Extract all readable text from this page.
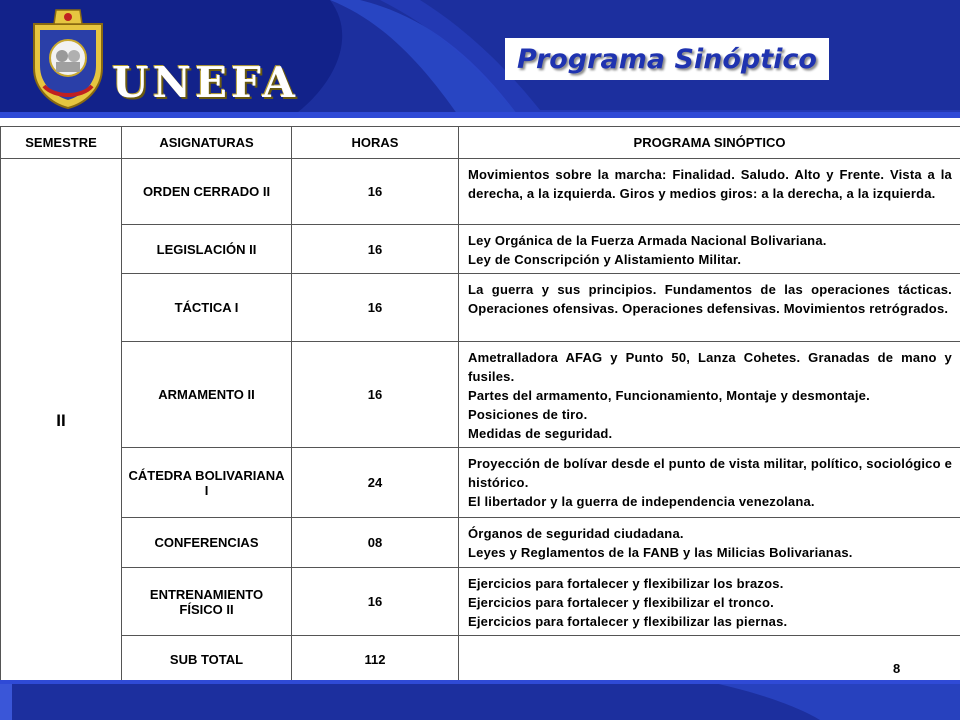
UNEFA	Programa Sinóptico
SEMESTRE	ASIGNATURAS	HORAS	PROGRAMA SINÓPTICO
II	ORDEN CERRADO II	16	Movimientos sobre la marcha: Finalidad. Saludo. Alto y Frente. Vista a la derecha, a la izquierda. Giros y medios giros: a la derecha, a la izquierda.

	LEGISLACIÓN II	16	Ley Orgánica de la Fuerza Armada Nacional Bolivariana.
Ley de Conscripción y Alistamiento Militar.

	TÁCTICA I	16	La guerra y sus principios. Fundamentos de las operaciones tácticas. Operaciones ofensivas. Operaciones defensivas. Movimientos retrógrados.

	ARMAMENTO II	16	Ametralladora AFAG y Punto 50, Lanza Cohetes. Granadas de mano y fusiles.
Partes del armamento, Funcionamiento, Montaje y desmontaje.
Posiciones de tiro.
Medidas de seguridad.

	CÁTEDRA BOLIVARIANA I	24	Proyección de bolívar desde el punto de vista militar, político, sociológico e histórico.
El libertador y la guerra de independencia venezolana.

	CONFERENCIAS	08	Órganos de seguridad ciudadana.
Leyes y Reglamentos de la FANB y las Milicias Bolivarianas.

	ENTRENAMIENTO FÍSICO II	16	Ejercicios para fortalecer y flexibilizar los brazos.
Ejercicios para fortalecer y flexibilizar el tronco.
Ejercicios para fortalecer y flexibilizar las piernas.

	SUB TOTAL	112	
8
